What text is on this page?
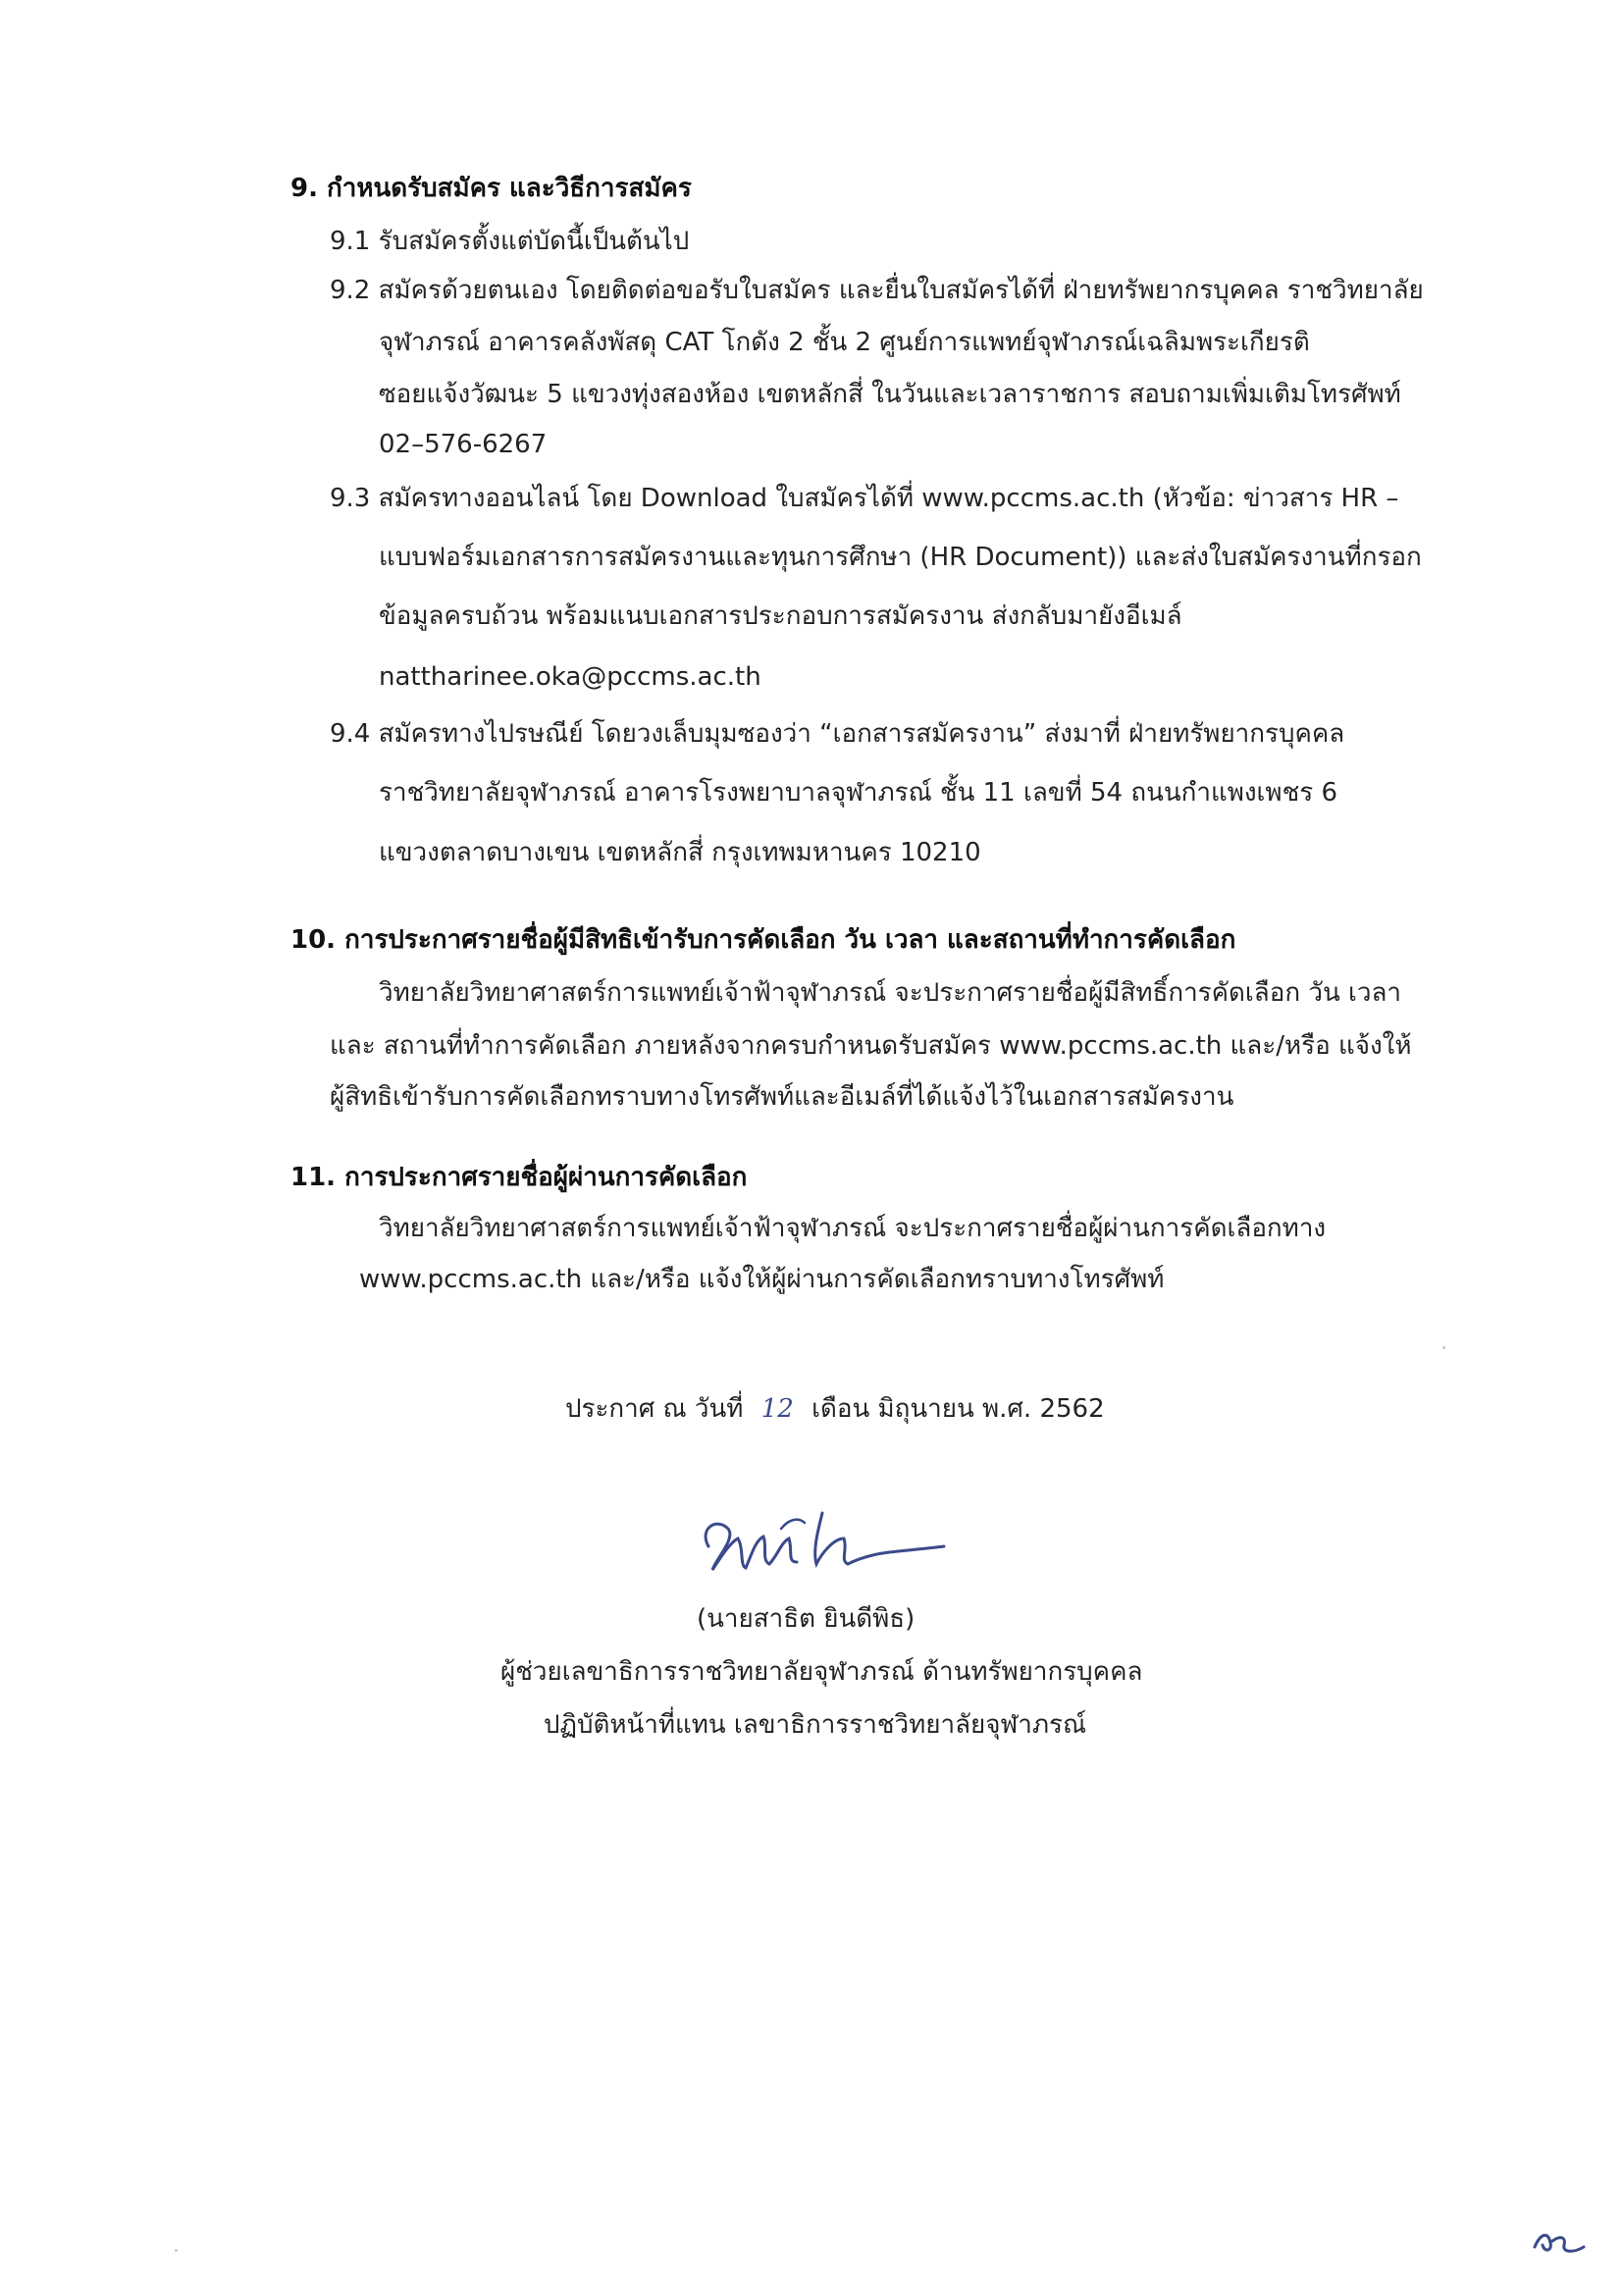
9. กำหนดรับสมัคร และวิธีการสมัคร
9.1 รับสมัครตั้งแต่บัดนี้เป็นต้นไป
9.2 สมัครด้วยตนเอง โดยติดต่อขอรับใบสมัคร และยื่นใบสมัครได้ที่ ฝ่ายทรัพยากรบุคคล ราชวิทยาลัย
จุฬาภรณ์ อาคารคลังพัสดุ CAT โกดัง 2 ชั้น 2 ศูนย์การแพทย์จุฬาภรณ์เฉลิมพระเกียรติ
ซอยแจ้งวัฒนะ 5 แขวงทุ่งสองห้อง เขตหลักสี่ ในวันและเวลาราชการ สอบถามเพิ่มเติมโทรศัพท์
02–576-6267
9.3 สมัครทางออนไลน์ โดย Download ใบสมัครได้ที่ www.pccms.ac.th (หัวข้อ: ข่าวสาร HR –
แบบฟอร์มเอกสารการสมัครงานและทุนการศึกษา (HR Document)) และส่งใบสมัครงานที่กรอก
ข้อมูลครบถ้วน พร้อมแนบเอกสารประกอบการสมัครงาน ส่งกลับมายังอีเมล์
nattharinee.oka@pccms.ac.th
9.4 สมัครทางไปรษณีย์ โดยวงเล็บมุมซองว่า “เอกสารสมัครงาน” ส่งมาที่ ฝ่ายทรัพยากรบุคคล
ราชวิทยาลัยจุฬาภรณ์ อาคารโรงพยาบาลจุฬาภรณ์ ชั้น 11 เลขที่ 54 ถนนกำแพงเพชร 6
แขวงตลาดบางเขน เขตหลักสี่ กรุงเทพมหานคร 10210
10. การประกาศรายชื่อผู้มีสิทธิเข้ารับการคัดเลือก วัน เวลา และสถานที่ทำการคัดเลือก
วิทยาลัยวิทยาศาสตร์การแพทย์เจ้าฟ้าจุฬาภรณ์ จะประกาศรายชื่อผู้มีสิทธิ์การคัดเลือก วัน เวลา
และ สถานที่ทำการคัดเลือก ภายหลังจากครบกำหนดรับสมัคร www.pccms.ac.th และ/หรือ แจ้งให้
ผู้สิทธิเข้ารับการคัดเลือกทราบทางโทรศัพท์และอีเมล์ที่ได้แจ้งไว้ในเอกสารสมัครงาน
11. การประกาศรายชื่อผู้ผ่านการคัดเลือก
วิทยาลัยวิทยาศาสตร์การแพทย์เจ้าฟ้าจุฬาภรณ์ จะประกาศรายชื่อผู้ผ่านการคัดเลือกทาง
www.pccms.ac.th และ/หรือ แจ้งให้ผู้ผ่านการคัดเลือกทราบทางโทรศัพท์
ประกาศ ณ วันที่ 12 เดือน มิถุนายน พ.ศ. 2562
(นายสาธิต ยินดีพิธ)
ผู้ช่วยเลขาธิการราชวิทยาลัยจุฬาภรณ์ ด้านทรัพยากรบุคคล
ปฏิบัติหน้าที่แทน เลขาธิการราชวิทยาลัยจุฬาภรณ์
